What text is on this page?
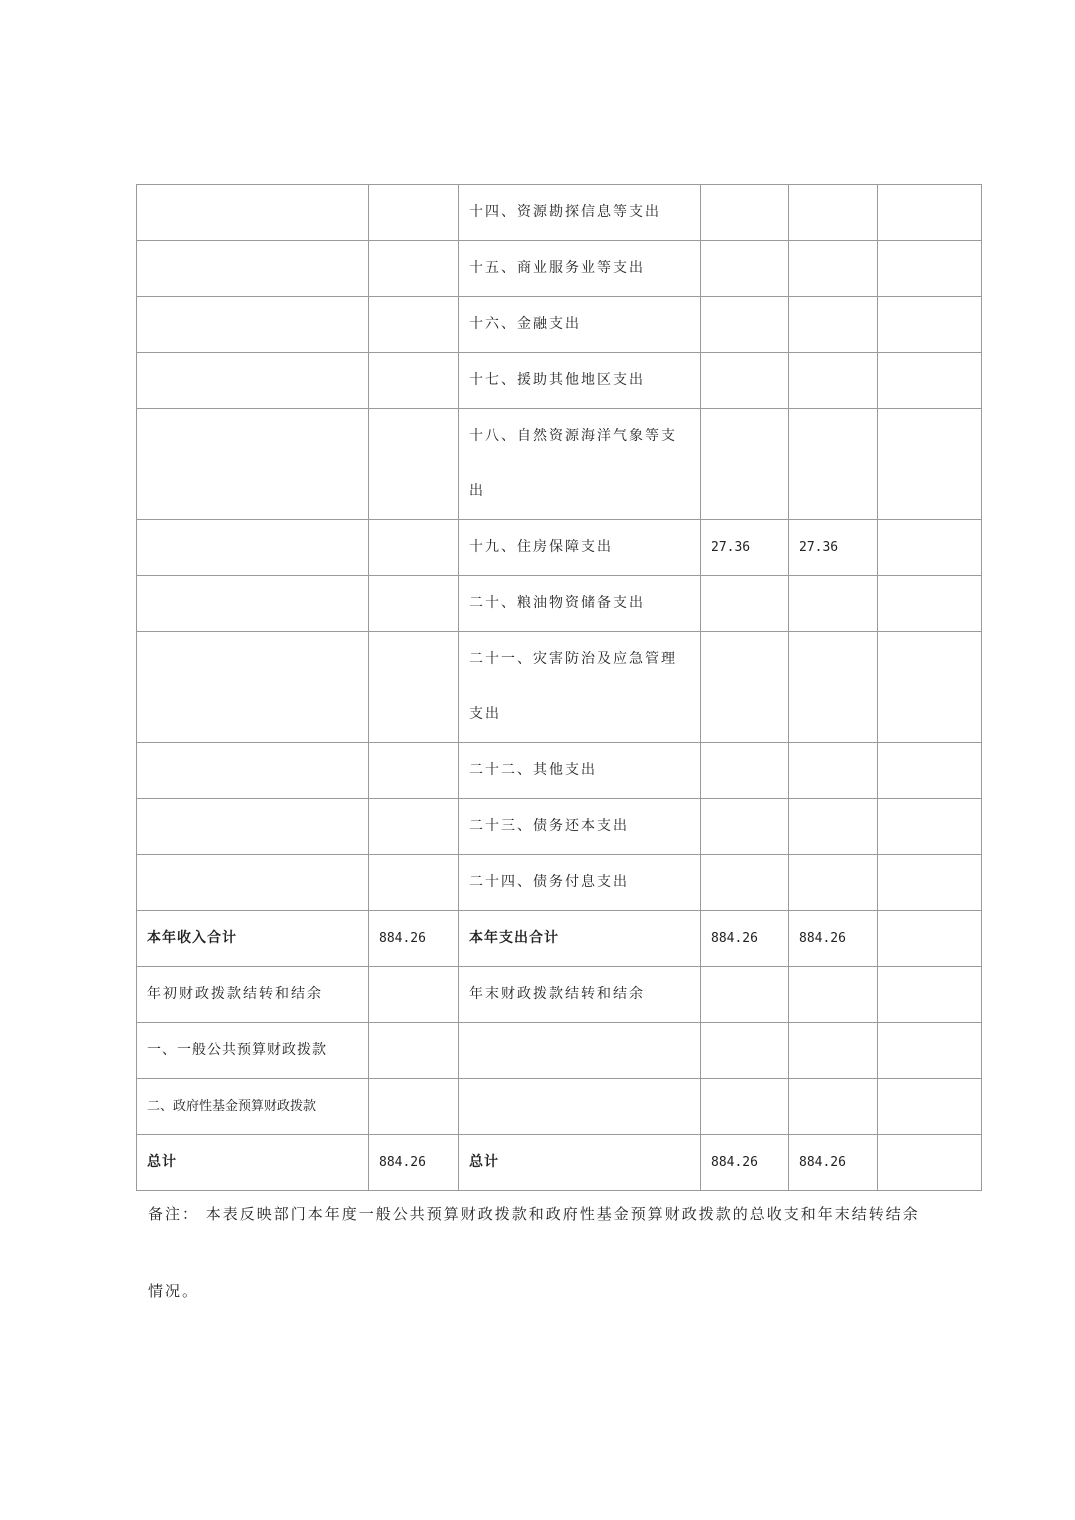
		十四、资源勘探信息等支出			
		十五、商业服务业等支出			
		十六、金融支出			
		十七、援助其他地区支出			
		十八、自然资源海洋气象等支出			
		十九、住房保障支出	27.36	27.36	
		二十、粮油物资储备支出			
		二十一、灾害防治及应急管理支出			
		二十二、其他支出			
		二十三、债务还本支出			
		二十四、债务付息支出			
本年收入合计	884.26	本年支出合计	884.26	884.26	
年初财政拨款结转和结余		年末财政拨款结转和结余			
一、一般公共预算财政拨款					
二、政府性基金预算财政拨款					
总计	884.26	总计	884.26	884.26	
备注： 本表反映部门本年度一般公共预算财政拨款和政府性基金预算财政拨款的总收支和年末结转结余
情况。
